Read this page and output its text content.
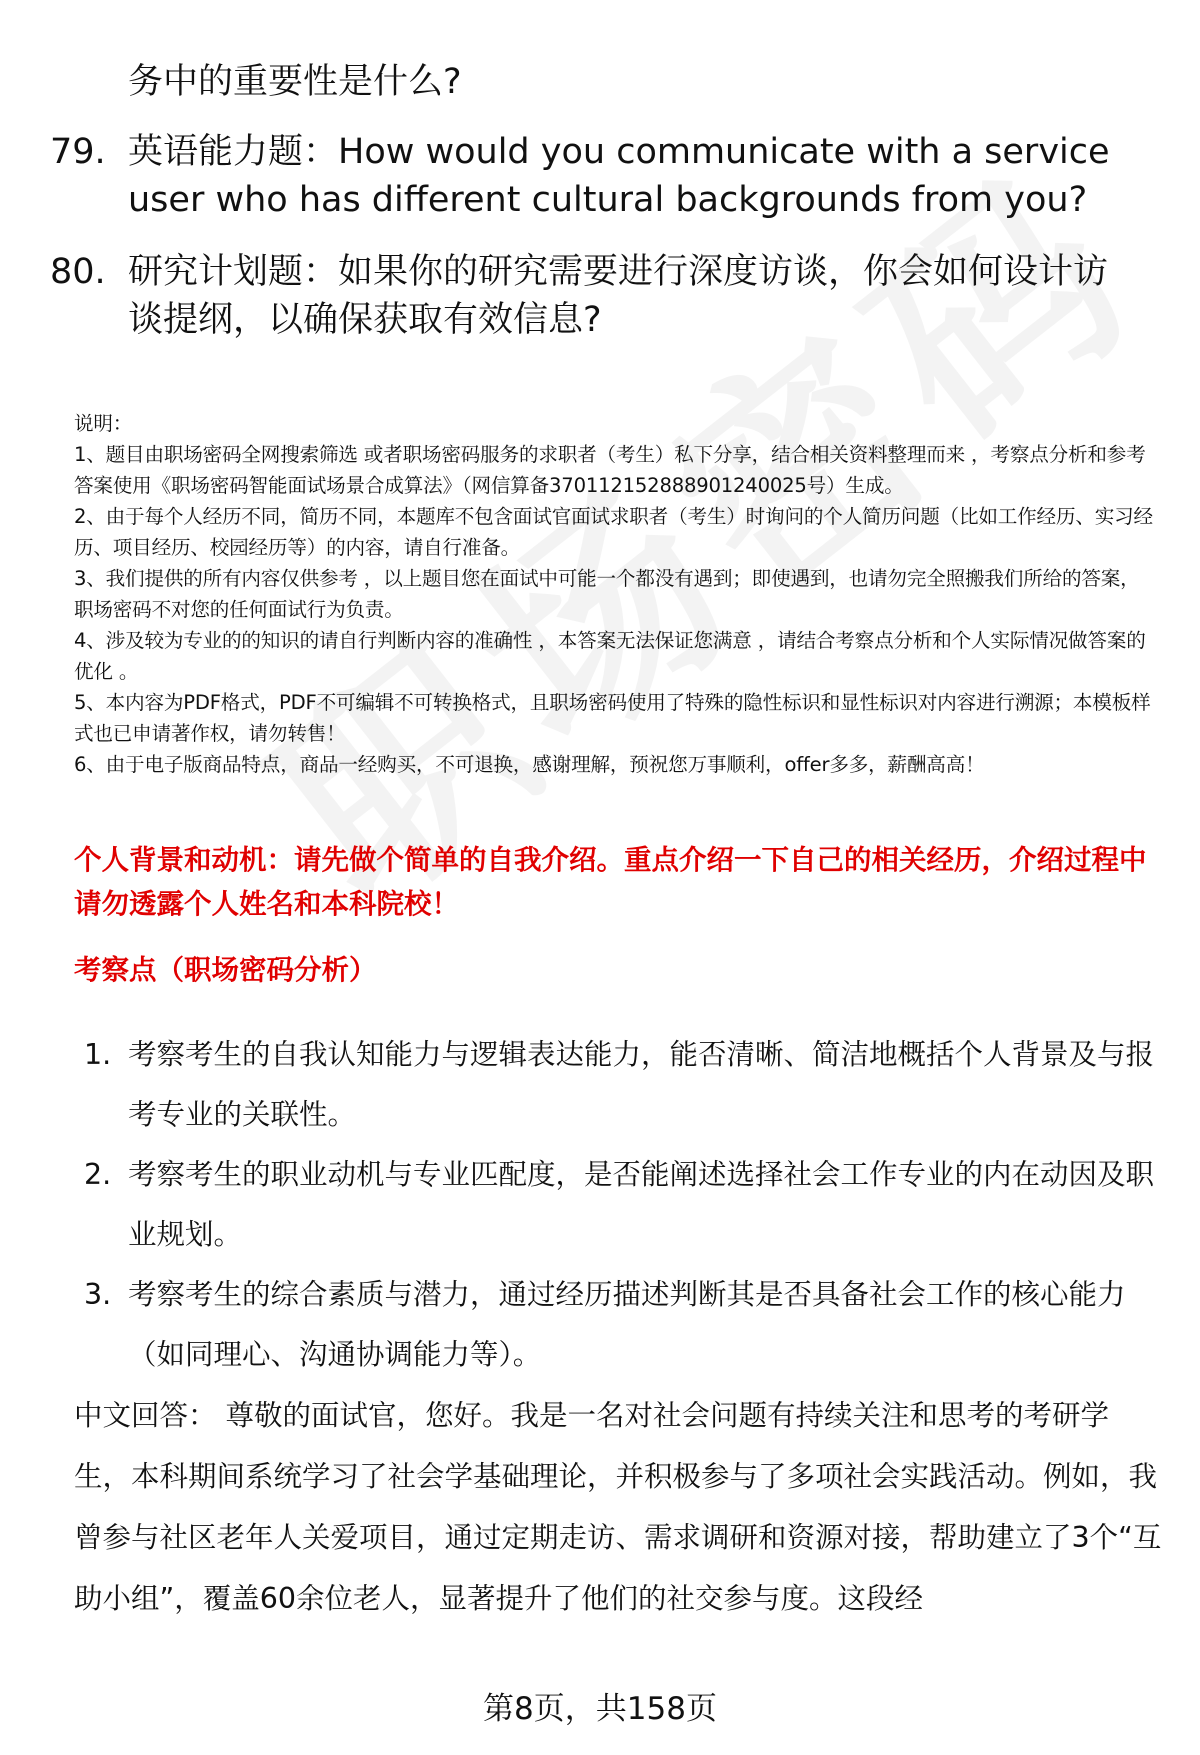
务中的重要性是什么?
79. 英语能力题：How would you communicate with a service user who has different cultural backgrounds from you?
80. 研究计划题：如果你的研究需要进行深度访谈，你会如何设计访谈提纲，以确保获取有效信息?
说明：
1、题目由职场密码全网搜索筛选 或者职场密码服务的求职者（考生）私下分享，结合相关资料整理而来 ，考察点分析和参考答案使用《职场密码智能面试场景合成算法》（网信算备370112152888901240025号）生成。
2、由于每个人经历不同，简历不同，本题库不包含面试官面试求职者（考生）时询问的个人简历问题（比如工作经历、实习经历、项目经历、校园经历等）的内容，请自行准备。
3、我们提供的所有内容仅供参考 ，以上题目您在面试中可能一个都没有遇到；即使遇到，也请勿完全照搬我们所给的答案，职场密码不对您的任何面试行为负责。
4、涉及较为专业的的知识的请自行判断内容的准确性 ，本答案无法保证您满意 ，请结合考察点分析和个人实际情况做答案的优化 。
5、本内容为PDF格式，PDF不可编辑不可转换格式，且职场密码使用了特殊的隐性标识和显性标识对内容进行溯源；本模板样式也已申请著作权，请勿转售！
6、由于电子版商品特点，商品一经购买，不可退换，感谢理解，预祝您万事顺利，offer多多，薪酬高高！
个人背景和动机：请先做个简单的自我介绍。重点介绍一下自己的相关经历，介绍过程中请勿透露个人姓名和本科院校！
考察点（职场密码分析）
1. 考察考生的自我认知能力与逻辑表达能力，能否清晰、简洁地概括个人背景及与报考专业的关联性。
2. 考察考生的职业动机与专业匹配度，是否能阐述选择社会工作专业的内在动因及职业规划。
3. 考察考生的综合素质与潜力，通过经历描述判断其是否具备社会工作的核心能力（如同理心、沟通协调能力等）。
中文回答： 尊敬的面试官，您好。我是一名对社会问题有持续关注和思考的考研学生，本科期间系统学习了社会学基础理论，并积极参与了多项社会实践活动。例如，我曾参与社区老年人关爱项目，通过定期走访、需求调研和资源对接，帮助建立了3个“互助小组”，覆盖60余位老人，显著提升了他们的社交参与度。这段经
第8页，共158页
